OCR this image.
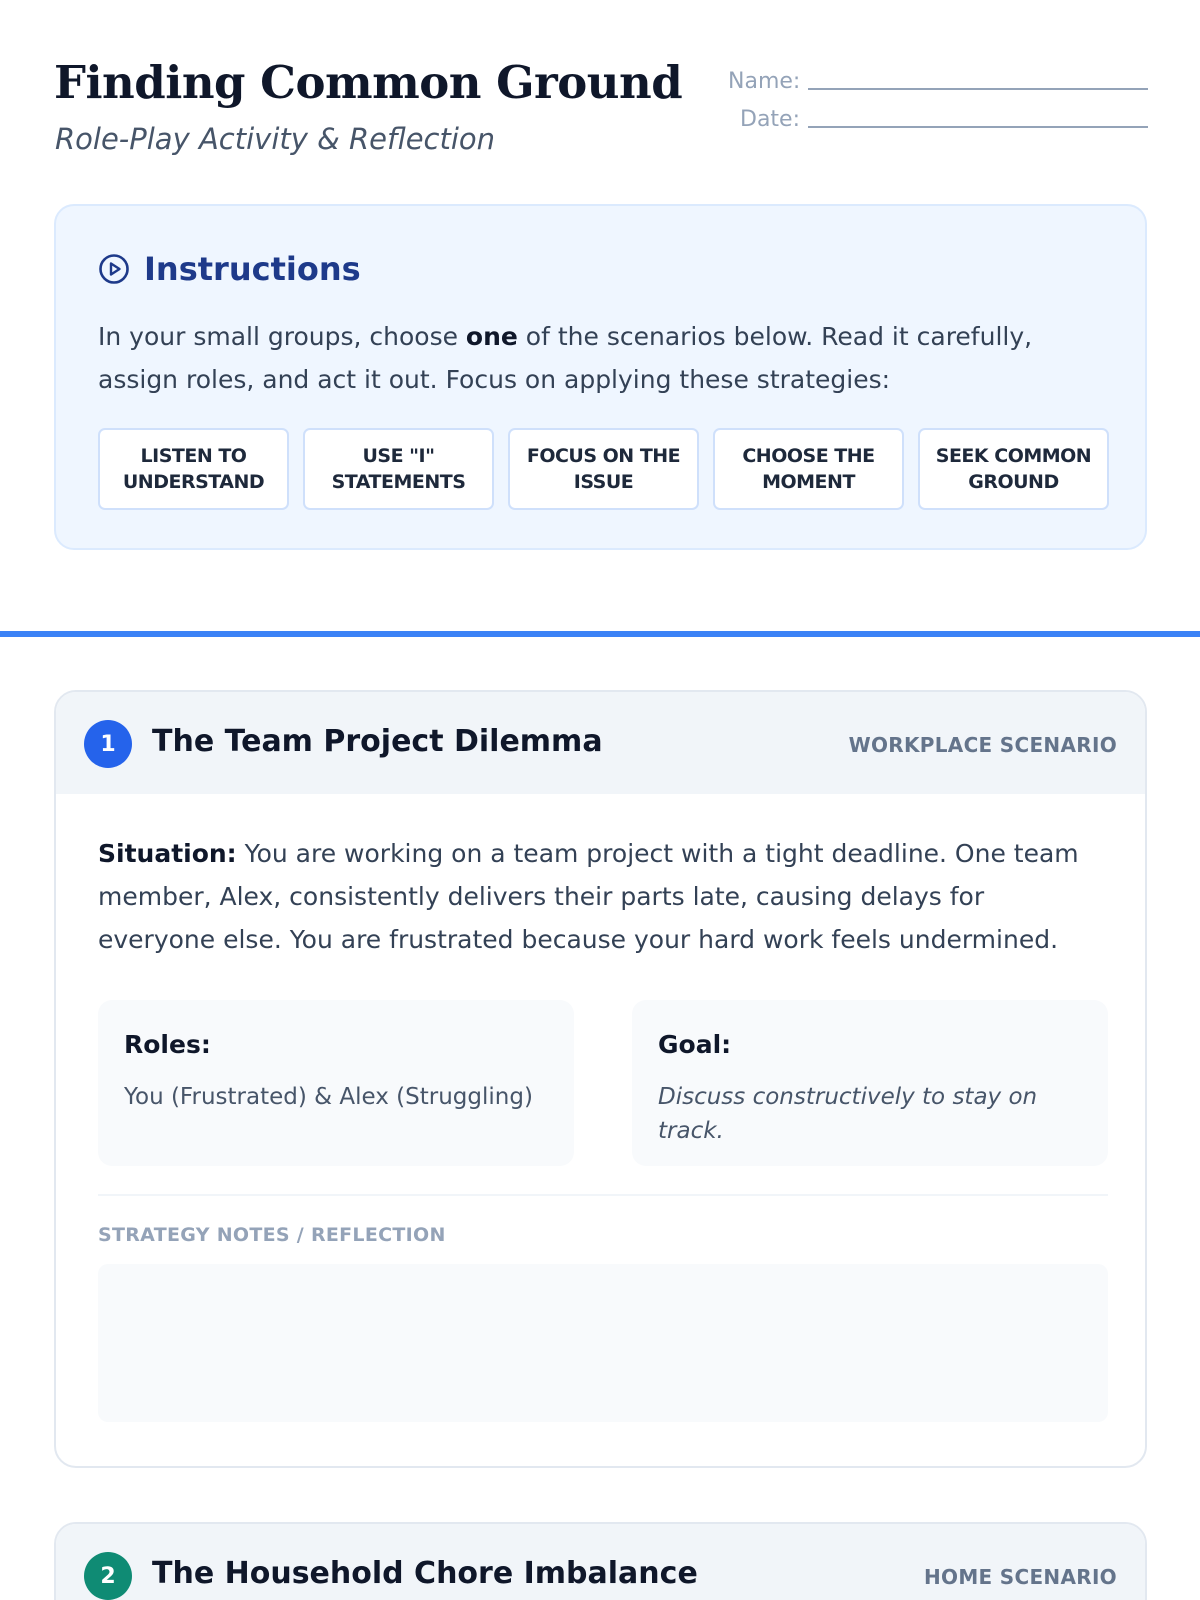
Finding Common Ground
Role-Play Activity & Reflection
Name:
Date:
Instructions
In your small groups, choose one of the scenarios below. Read it carefully, assign roles, and act it out. Focus on applying these strategies:
LISTEN TO UNDERSTAND
USE "I" STATEMENTS
FOCUS ON THE ISSUE
CHOOSE THE MOMENT
SEEK COMMON GROUND
1	The Team Project Dilemma	WORKPLACE SCENARIO
Situation: You are working on a team project with a tight deadline. One team member, Alex, consistently delivers their parts late, causing delays for everyone else. You are frustrated because your hard work feels undermined.
Roles:
You (Frustrated) & Alex (Struggling)
Goal:
Discuss constructively to stay on track.
STRATEGY NOTES / REFLECTION
2	The Household Chore Imbalance	HOME SCENARIO
